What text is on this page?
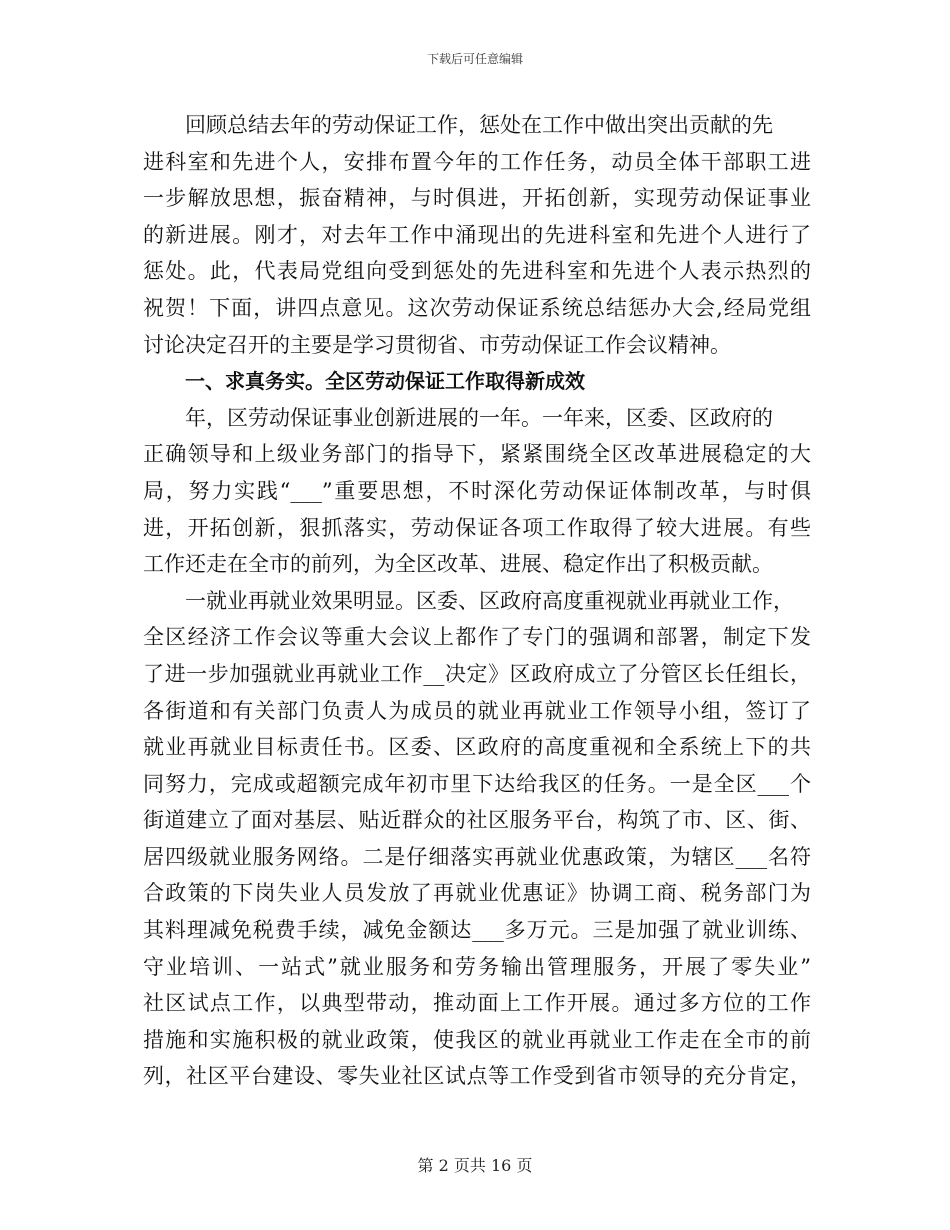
下载后可任意编辑
回顾总结去年的劳动保证工作，惩处在工作中做出突出贡献的先
进科室和先进个人，安排布置今年的工作任务，动员全体干部职工进
一步解放思想，振奋精神，与时俱进，开拓创新，实现劳动保证事业
的新进展。刚才，对去年工作中涌现出的先进科室和先进个人进行了
惩处。此，代表局党组向受到惩处的先进科室和先进个人表示热烈的
祝贺！下面，讲四点意见。这次劳动保证系统总结惩办大会,经局党组
讨论决定召开的主要是学习贯彻省、市劳动保证工作会议精神。
一、求真务实。全区劳动保证工作取得新成效
年，区劳动保证事业创新进展的一年。一年来，区委、区政府的
正确领导和上级业务部门的指导下，紧紧围绕全区改革进展稳定的大
局，努力实践“___”重要思想，不时深化劳动保证体制改革，与时俱
进，开拓创新，狠抓落实，劳动保证各项工作取得了较大进展。有些
工作还走在全市的前列，为全区改革、进展、稳定作出了积极贡献。
一就业再就业效果明显。区委、区政府高度重视就业再就业工作，
全区经济工作会议等重大会议上都作了专门的强调和部署，制定下发
了进一步加强就业再就业工作__决定》区政府成立了分管区长任组长，
各街道和有关部门负责人为成员的就业再就业工作领导小组，签订了
就业再就业目标责任书。区委、区政府的高度重视和全系统上下的共
同努力，完成或超额完成年初市里下达给我区的任务。一是全区___个
街道建立了面对基层、贴近群众的社区服务平台，构筑了市、区、街、
居四级就业服务网络。二是仔细落实再就业优惠政策，为辖区___名符
合政策的下岗失业人员发放了再就业优惠证》协调工商、税务部门为
其料理减免税费手续，减免金额达___多万元。三是加强了就业训练、
守业培训、一站式”就业服务和劳务输出管理服务，开展了零失业”
社区试点工作，以典型带动，推动面上工作开展。通过多方位的工作
措施和实施积极的就业政策，使我区的就业再就业工作走在全市的前
列，社区平台建设、零失业社区试点等工作受到省市领导的充分肯定，
第 2 页共 16 页
